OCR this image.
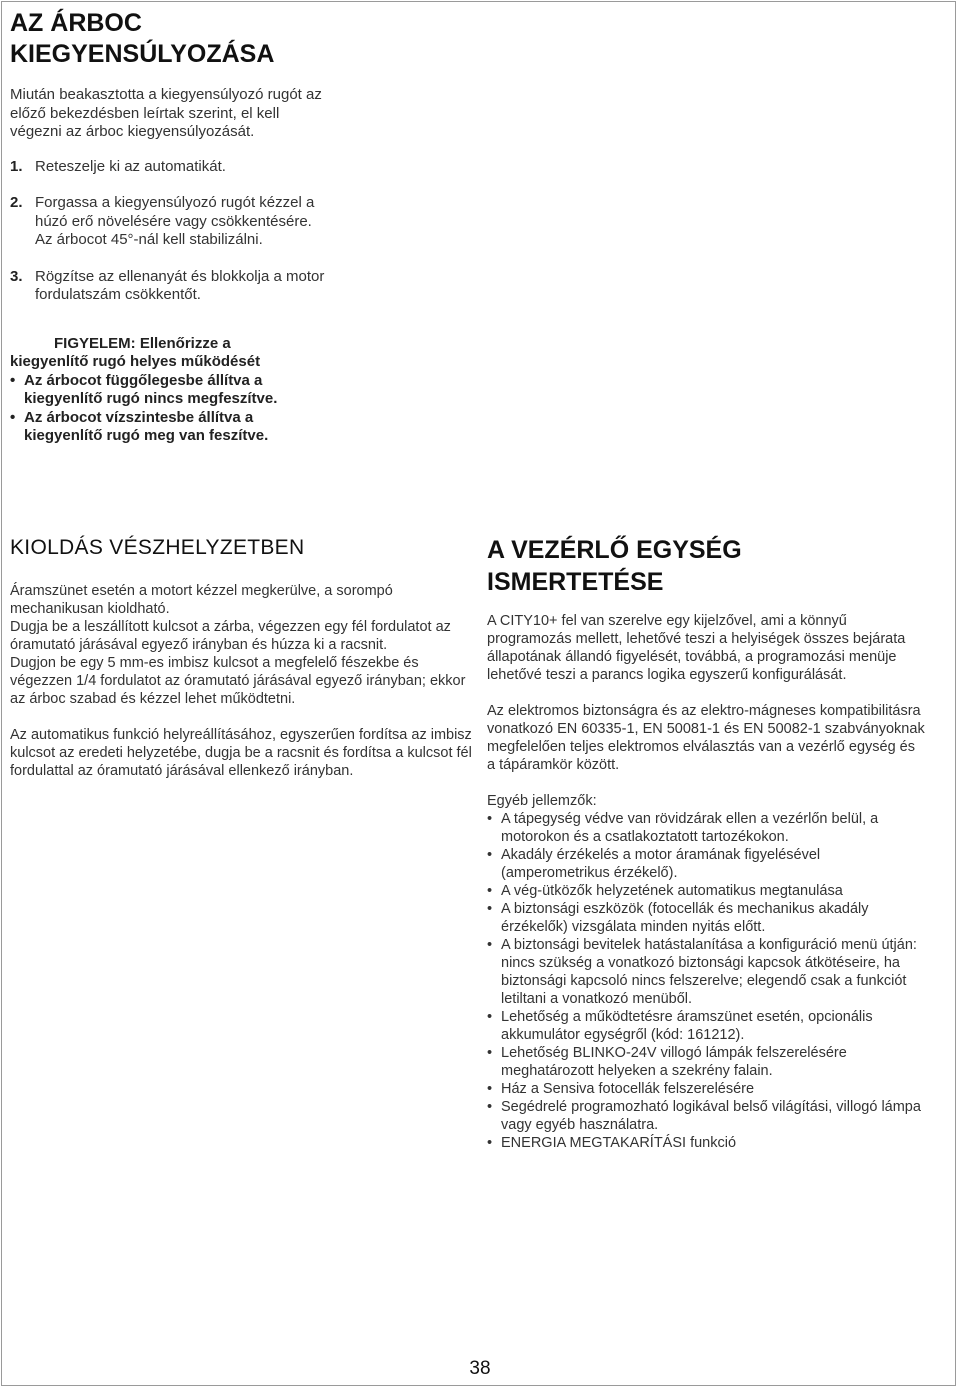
AZ ÁRBOC
KIEGYENSÚLYOZÁSA

Miután beakasztotta a kiegyensúlyozó rugót az előző bekezdésben leírtak szerint, el kell végezni az árboc kiegyensúlyozását.

1. Reteszelje ki az automatikát.
2. Forgassa a kiegyensúlyozó rugót kézzel a húzó erő növelésére vagy csökkentésére. Az árbocot 45°-nál kell stabilizálni.
3. Rögzítse az ellenanyát és blokkolja a motor fordulatszám csökkentőt.
FIGYELEM: Ellenőrizze a
kiegyenlítő rugó helyes működését
• Az árbocot függőlegesbe állítva a kiegyenlítő rugó nincs megfeszítve.
• Az árbocot vízszintesbe állítva a kiegyenlítő rugó meg van feszítve.
KIOLDÁS VÉSZHELYZETBEN

Áramszünet esetén a motort kézzel megkerülve, a sorompó mechanikusan kioldható.

Dugja be a leszállított kulcsot a zárba, végezzen egy fél fordulatot az óramutató járásával egyező irányban és húzza ki a racsnit.

Dugjon be egy 5 mm-es imbisz kulcsot a megfelelő fészekbe és végezzen 1/4 fordulatot az óramutató járásával egyező irányban; ekkor az árboc szabad és kézzel lehet működtetni.

Az automatikus funkció helyreállításához, egyszerűen fordítsa az imbisz kulcsot az eredeti helyzetébe, dugja be a racsnit és fordítsa a kulcsot fél fordulattal az óramutató járásával ellenkező irányban.

A VEZÉRLŐ EGYSÉG
ISMERTETÉSE

A CITY10+ fel van szerelve egy kijelzővel, ami a könnyű programozás mellett, lehetővé teszi a helyiségek összes bejárata állapotának állandó figyelését, továbbá, a programozási menüje lehetővé teszi a parancs logika egyszerű konfigurálását.

Az elektromos biztonságra és az elektro-mágneses kompatibilitásra vonatkozó EN 60335-1, EN 50081-1 és EN 50082-1 szabványoknak megfelelően teljes elektromos elválasztás van a vezérlő egység és a tápáramkör között.

Egyéb jellemzők:

• A tápegység védve van rövidzárak ellen a vezérlőn belül, a motorokon és a csatlakoztatott tartozékokon.
• Akadály érzékelés a motor áramának figyelésével (amperometrikus érzékelő).
• A vég-ütközők helyzetének automatikus megtanulása
• A biztonsági eszközök (fotocellák és mechanikus akadály érzékelők) vizsgálata minden nyitás előtt.
• A biztonsági bevitelek hatástalanítása a konfiguráció menü útján: nincs szükség a vonatkozó biztonsági kapcsok átkötéseire, ha biztonsági kapcsoló nincs felszerelve; elegendő csak a funkciót letiltani a vonatkozó menüből.
• Lehetőség a működtetésre áramszünet esetén, opcionális akkumulátor egységről (kód: 161212).
• Lehetőség BLINKO-24V villogó lámpák felszerelésére meghatározott helyeken a szekrény falain.
• Ház a Sensiva fotocellák felszerelésére
• Segédrelé programozható logikával belső világítási, villogó lámpa vagy egyéb használatra.
• ENERGIA MEGTAKARÍTÁSI funkció
38
